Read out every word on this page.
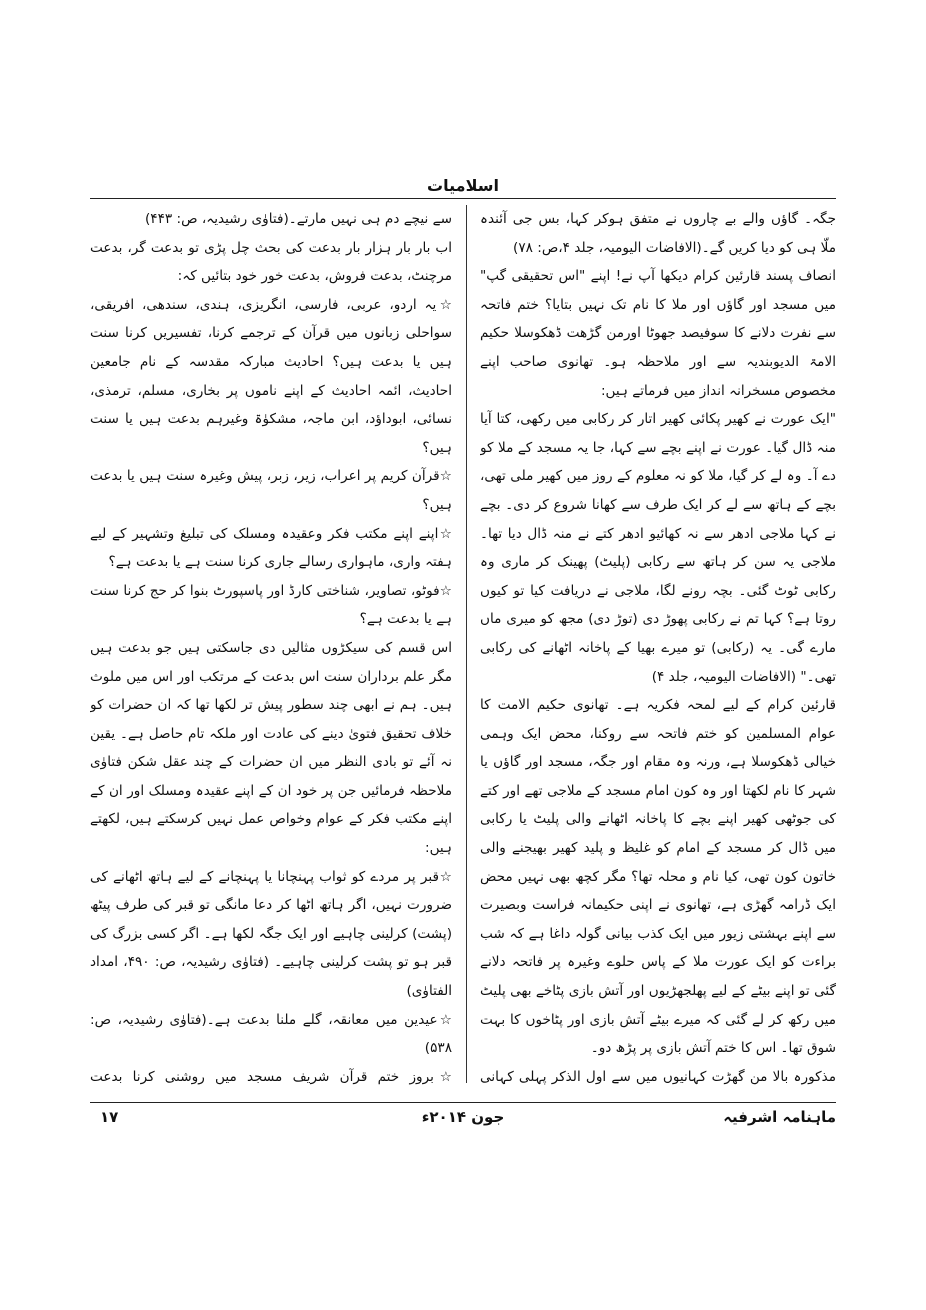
اسلامیات

جگہ۔ گاؤں والے بے چاروں نے متفق ہوکر کہا، بس جی آئندہ ملّا ہی کو دیا کریں گے۔(الافاضات الیومیہ، جلد ۴،ص: ۷۸)

انصاف پسند قارئین کرام دیکھا آپ نے! اپنے "اس تحقیقی گپ" میں مسجد اور گاؤں اور ملا کا نام تک نہیں بتایا؟ ختم فاتحہ سے نفرت دلانے کا سوفیصد جھوٹا اورمن گڑھت ڈھکوسلا حکیم الامۃ الدیوبندیہ سے اور ملاحظہ ہو۔ تھانوی صاحب اپنے مخصوص مسخرانہ انداز میں فرماتے ہیں:

"ایک عورت نے کھیر پکائی کھیر اتار کر رکابی میں رکھی، کتا آیا منہ ڈال گیا۔ عورت نے اپنے بچے سے کہا، جا یہ مسجد کے ملا کو دے آ۔ وہ لے کر گیا، ملا کو نہ معلوم کے روز میں کھیر ملی تھی، بچے کے ہاتھ سے لے کر ایک طرف سے کھانا شروع کر دی۔ بچے نے کہا ملاجی ادھر سے نہ کھائیو ادھر کتے نے منہ ڈال دیا تھا۔ ملاجی یہ سن کر ہاتھ سے رکابی (پلیٹ) پھینک کر ماری وہ رکابی ٹوٹ گئی۔ بچہ رونے لگا، ملاجی نے دریافت کیا تو کیوں روتا ہے؟ کہا تم نے رکابی پھوڑ دی (توڑ دی) مجھ کو میری ماں مارے گی۔ یہ (رکابی) تو میرے بھیا کے پاخانہ اٹھانے کی رکابی تھی۔" (الافاضات الیومیہ، جلد ۴)

قارئین کرام کے لیے لمحہ فکریہ ہے۔ تھانوی حکیم الامت کا عوام المسلمین کو ختم فاتحہ سے روکنا، محض ایک وہمی خیالی ڈھکوسلا ہے، ورنہ وہ مقام اور جگہ، مسجد اور گاؤں یا شہر کا نام لکھتا اور وہ کون امام مسجد کے ملاجی تھے اور کتے کی جوٹھی کھیر اپنے بچے کا پاخانہ اٹھانے والی پلیٹ یا رکابی میں ڈال کر مسجد کے امام کو غلیظ و پلید کھیر بھیجنے والی خاتون کون تھی، کیا نام و محلہ تھا؟ مگر کچھ بھی نہیں محض ایک ڈرامہ گھڑی ہے، تھانوی نے اپنی حکیمانہ فراست وبصیرت سے اپنے بہشتی زیور میں ایک کذب بیانی گولہ داغا ہے کہ شب براءت کو ایک عورت ملا کے پاس حلوے وغیرہ پر فاتحہ دلانے گئی تو اپنے بیٹے کے لیے پھلجھڑیوں اور آتش بازی پٹاخے بھی پلیٹ میں رکھ کر لے گئی کہ میرے بیٹے آتش بازی اور پٹاخوں کا بہت شوق تھا۔ اس کا ختم آتش بازی پر پڑھ دو۔

مذکورہ بالا من گھڑت کہانیوں میں سے اول الذکر پہلی کہانی

سے نیچے دم ہی نہیں مارتے۔(فتاوٰی رشیدیہ، ص: ۴۴۳)

اب بار بار ہزار بار بدعت کی بحث چل پڑی تو بدعت گر، بدعت مرچنٹ، بدعت فروش، بدعت خور خود بتائیں کہ:

☆یہ اردو، عربی، فارسی، انگریزی، ہندی، سندھی، افریقی، سواحلی زبانوں میں قرآن کے ترجمے کرنا، تفسیریں کرنا سنت ہیں یا بدعت ہیں؟ احادیث مبارکہ مقدسہ کے نام جامعین احادیث، ائمہ احادیث کے اپنے ناموں پر بخاری، مسلم، ترمذی، نسائی، ابوداؤد، ابن ماجہ، مشکوٰۃ وغیرہم بدعت ہیں یا سنت ہیں؟

☆قرآن کریم پر اعراب، زیر، زبر، پیش وغیرہ سنت ہیں یا بدعت ہیں؟

☆اپنے اپنے مکتب فکر وعقیدہ ومسلک کی تبلیغ وتشہیر کے لیے ہفتہ واری، ماہواری رسالے جاری کرنا سنت ہے یا بدعت ہے؟

☆فوٹو، تصاویر، شناختی کارڈ اور پاسپورٹ بنوا کر حج کرنا سنت ہے یا بدعت ہے؟

اس قسم کی سیکڑوں مثالیں دی جاسکتی ہیں جو بدعت ہیں مگر علم برداران سنت اس بدعت کے مرتکب اور اس میں ملوث ہیں۔ ہم نے ابھی چند سطور پیش تر لکھا تھا کہ ان حضرات کو خلاف تحقیق فتویٰ دینے کی عادت اور ملکہ تام حاصل ہے۔ یقین نہ آئے تو بادی النظر میں ان حضرات کے چند عقل شکن فتاوٰی ملاحظہ فرمائیں جن پر خود ان کے اپنے عقیدہ ومسلک اور ان کے اپنے مکتب فکر کے عوام وخواص عمل نہیں کرسکتے ہیں، لکھتے ہیں:

☆قبر پر مردے کو ثواب پہنچانا یا پہنچانے کے لیے ہاتھ اٹھانے کی ضرورت نہیں، اگر ہاتھ اٹھا کر دعا مانگی تو قبر کی طرف پیٹھ (پشت) کرلینی چاہیے اور ایک جگہ لکھا ہے۔ اگر کسی بزرگ کی قبر ہو تو پشت کرلینی چاہیے۔ (فتاوٰی رشیدیہ، ص: ۴۹۰، امداد الفتاوٰی)

☆عیدین میں معانقہ، گلے ملنا بدعت ہے۔(فتاوٰی رشیدیہ، ص: ۵۳۸)

☆بروز ختم قرآن شریف مسجد میں روشنی کرنا بدعت

ماہنامہ اشرفیہ
جون ۲۰۱۴ء
۱۷
